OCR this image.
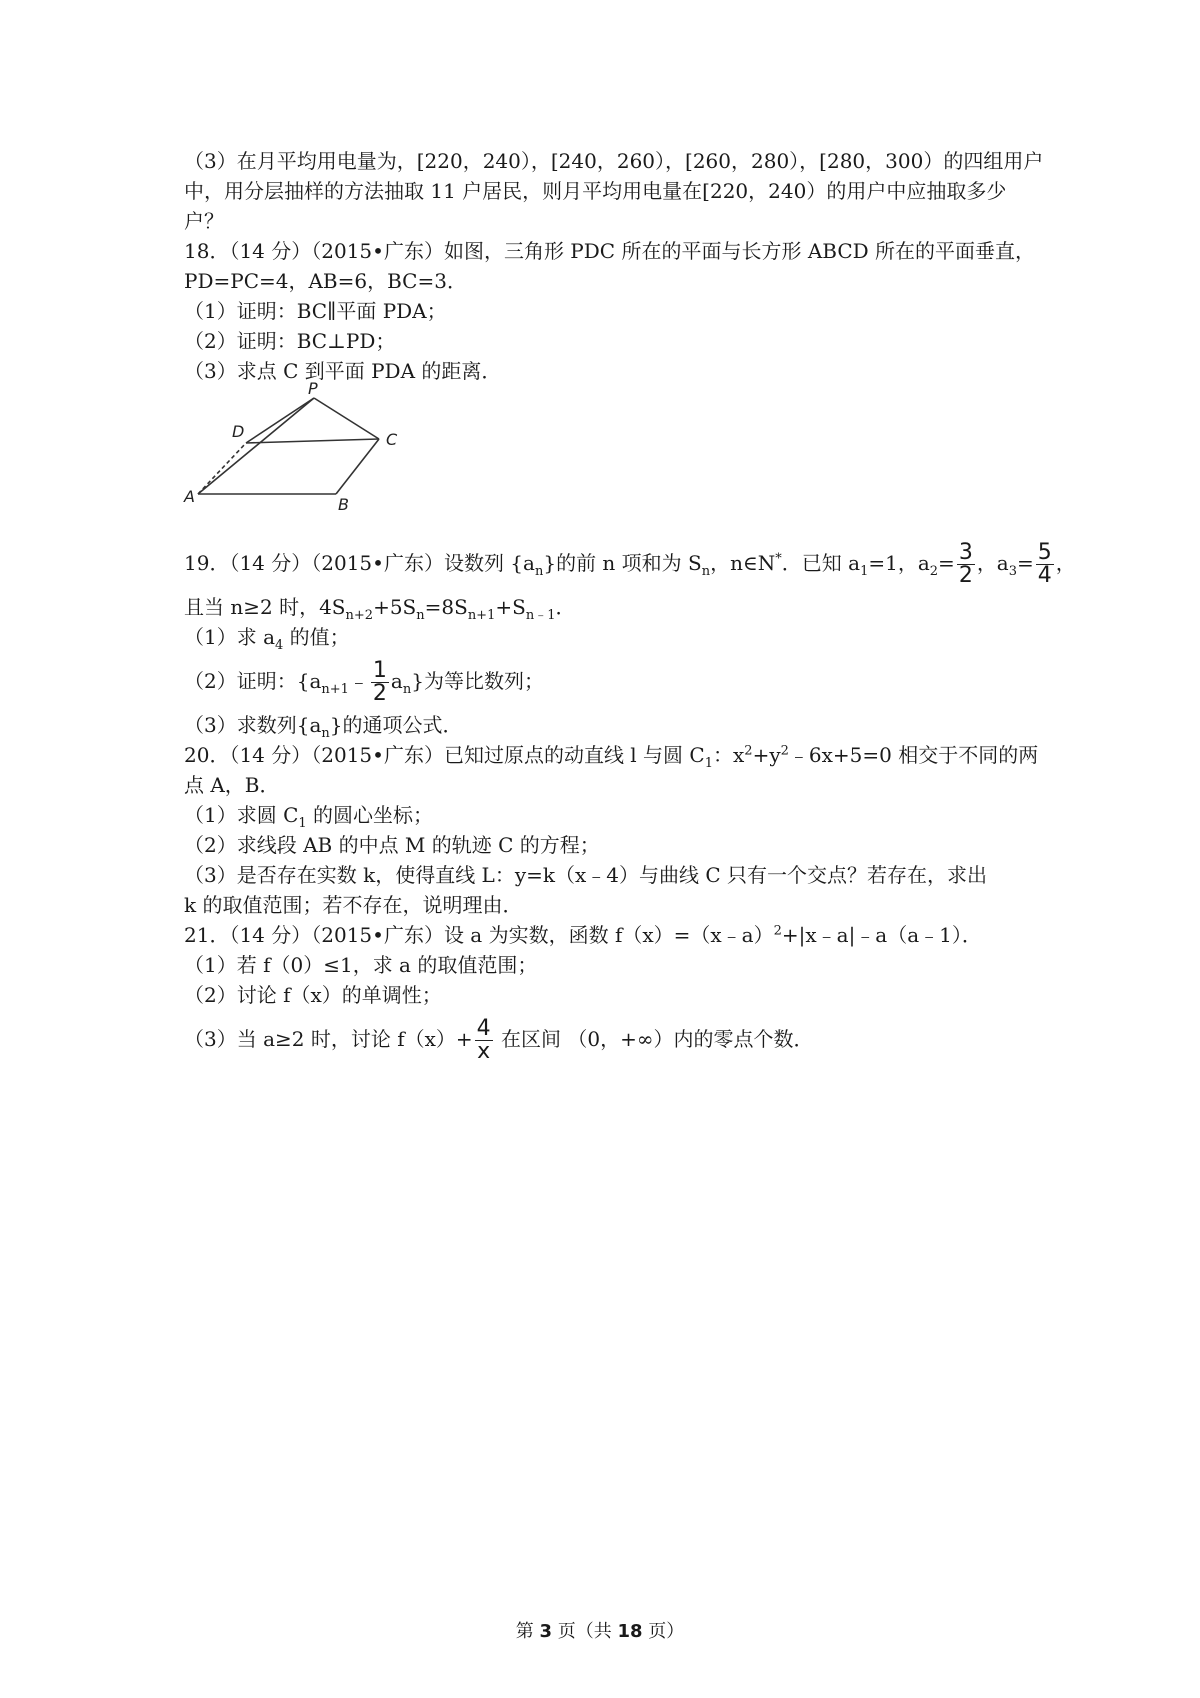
（3）在月平均用电量为，[220，240），[240，260），[260，280），[280，300）的四组用户
中，用分层抽样的方法抽取 11 户居民，则月平均用电量在[220，240）的用户中应抽取多少
户？
18．（14 分）（2015•广东）如图，三角形 PDC 所在的平面与长方形 ABCD 所在的平面垂直，
PD=PC=4，AB=6，BC=3．
（1）证明：BC∥平面 PDA；
（2）证明：BC⊥PD；
（3）求点 C 到平面 PDA 的距离．
P
D	C
A	B
19．（14 分）（2015•广东）设数列 $\{a_n\}$的前 n 项和为 $S_n$，n∈N*．已知 $a_1=1$，$a_2= \frac{3}{2}$ ，$a_3= \frac{5}{4}$ ，
且当 n≥2 时，$4S_{n+2}+5S_n=8S_{n+1}+S_{n﹣1}$．
（1）求 $a_4$ 的值；
（2）证明：$\{a_{n+1}﹣ \frac{1}{2} a_n\}$为等比数列；
（3）求数列$\{a_n\}$的通项公式．
20．（14 分）（2015•广东）已知过原点的动直线 l 与圆 $C_1$：$x^2+y^2﹣6x+5=0$ 相交于不同的两
点 A，B．
（1）求圆 $C_1$ 的圆心坐标；
（2）求线段 AB 的中点 M 的轨迹 C 的方程；
（3）是否存在实数 k，使得直线 L：y=k（x﹣4）与曲线 C 只有一个交点？若存在，求出
k 的取值范围；若不存在，说明理由．
21．（14 分）（2015•广东）设 a 为实数，函数 f（x）=（x﹣a）$^2$+|x﹣a|﹣a（a﹣1）．
（1）若 f（0）≤1，求 a 的取值范围；
（2）讨论 f（x）的单调性；
（3）当 a≥2 时，讨论 $f(x)+ \frac{4}{x}$ 在区间 （0，+∞）内的零点个数．
第 3 页（共 18 页）
